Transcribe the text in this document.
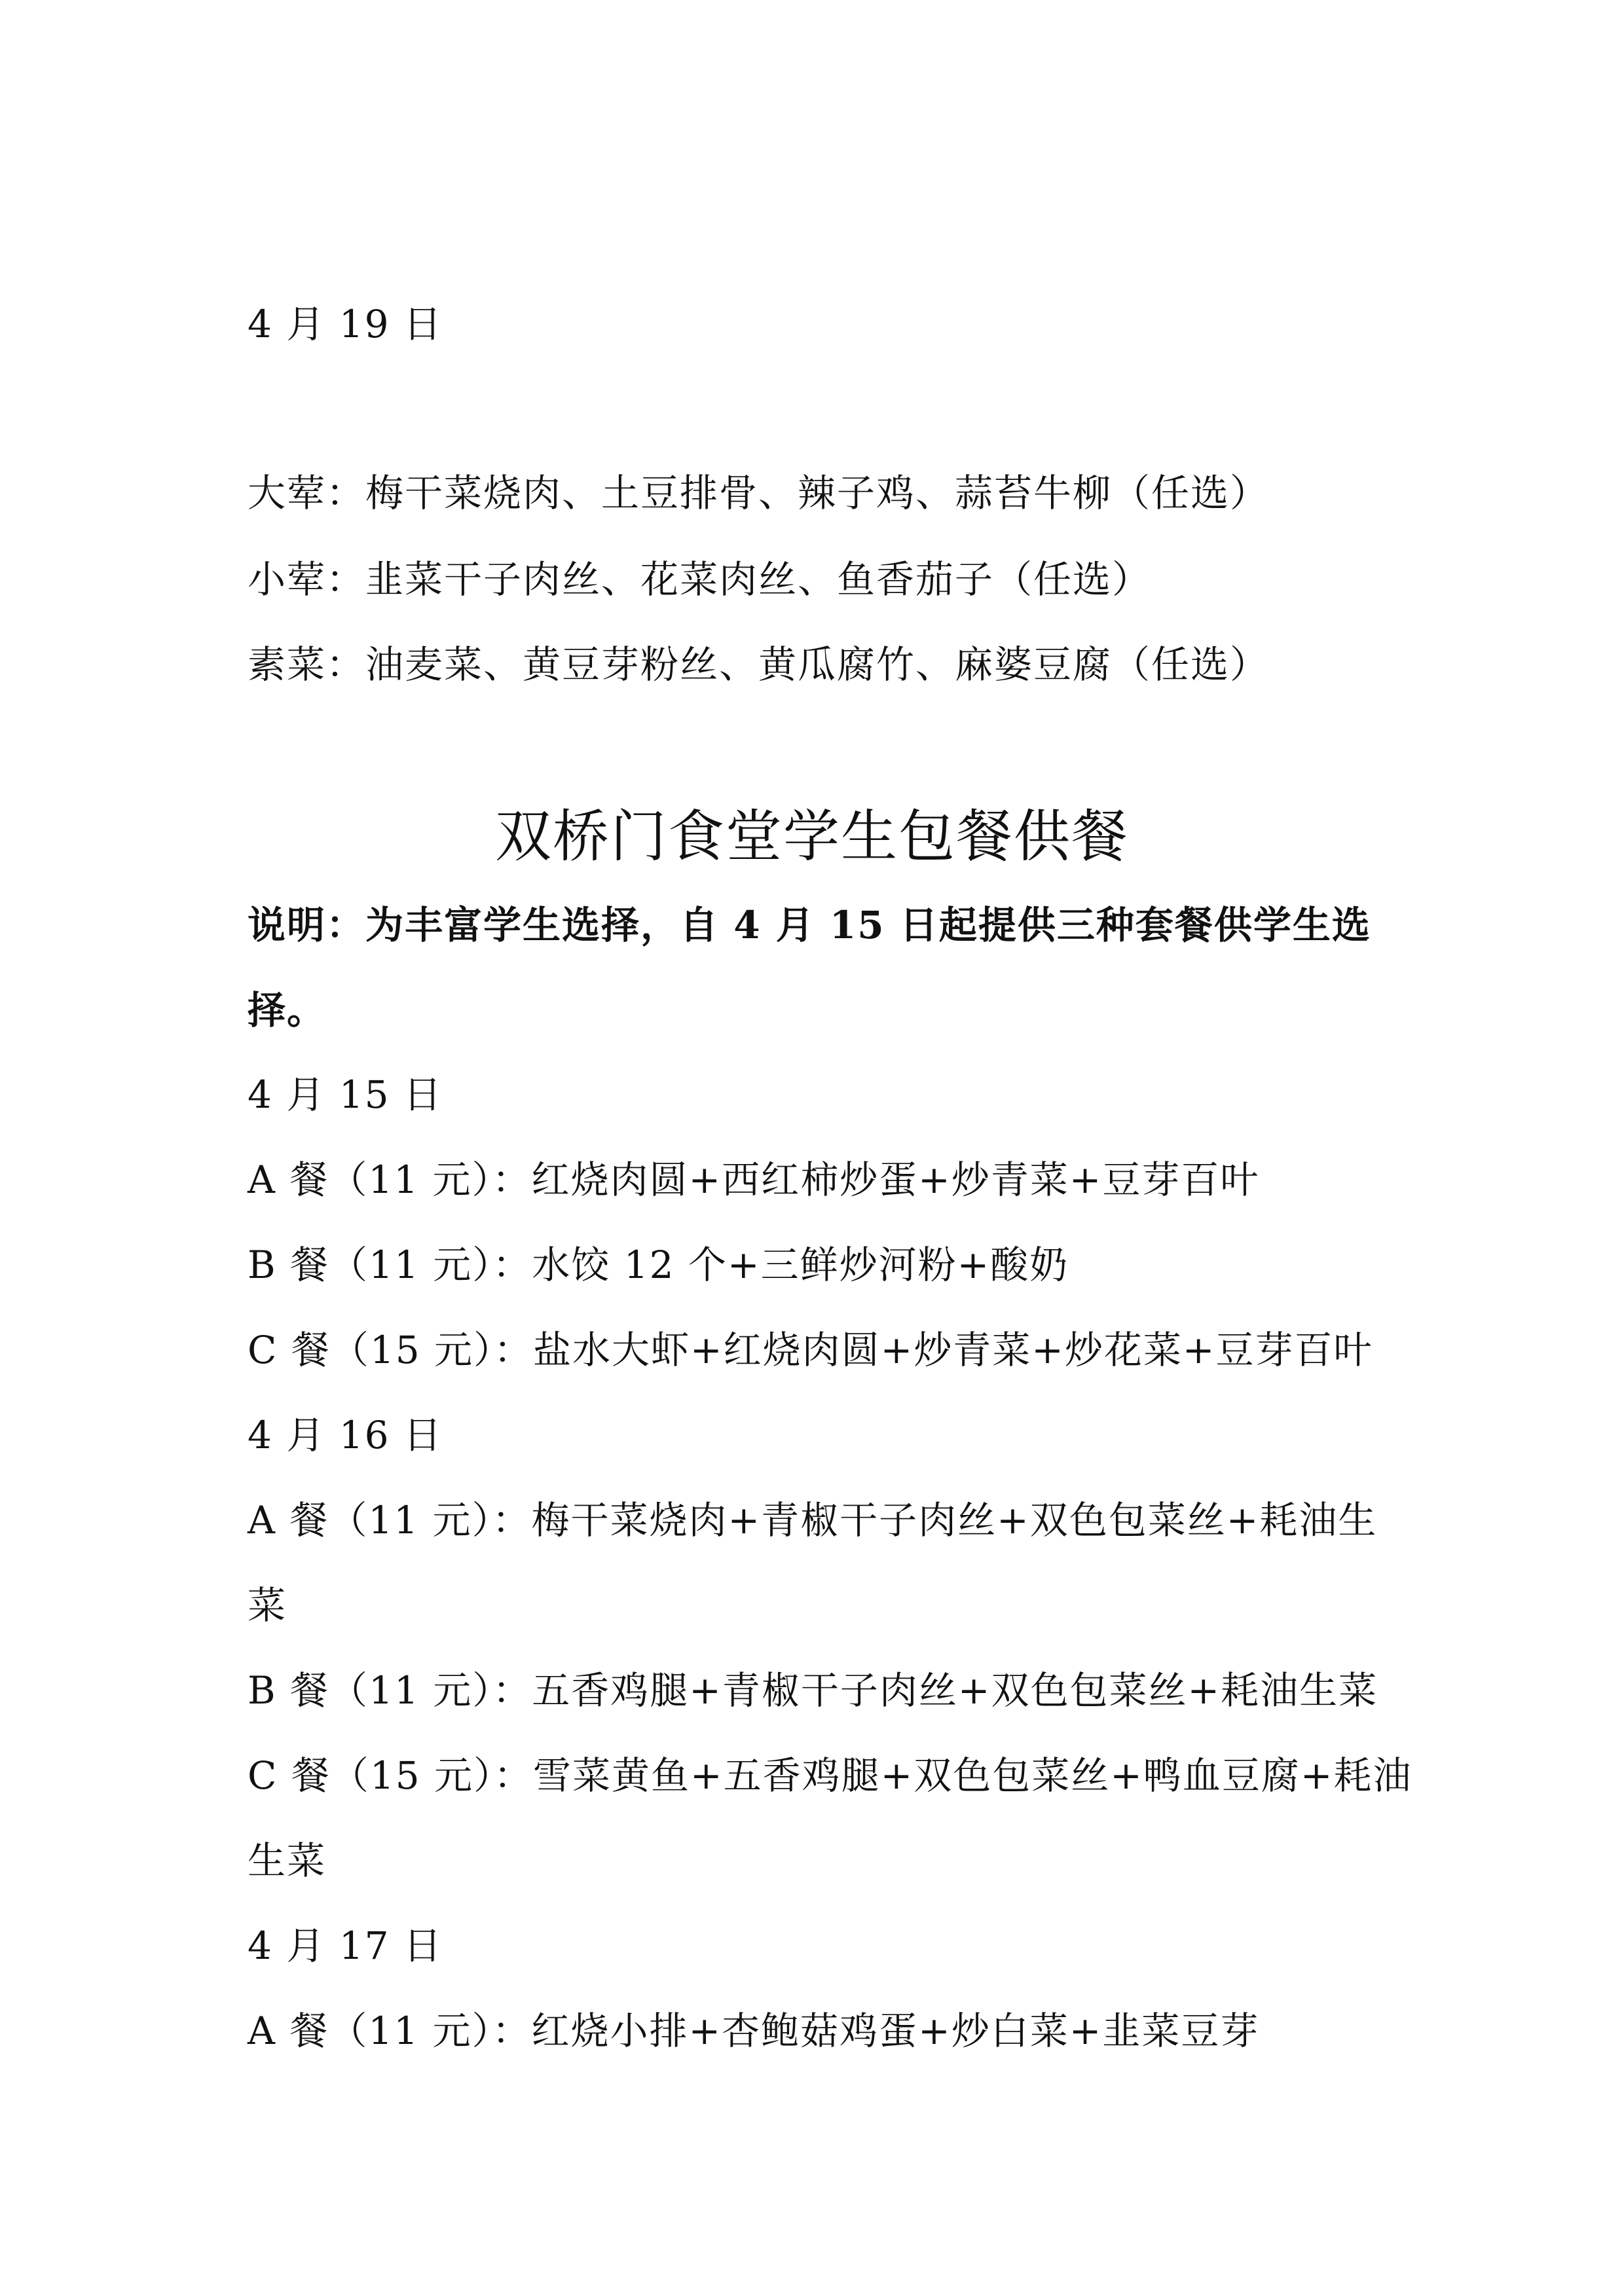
4 月 19 日
大荤：梅干菜烧肉、土豆排骨、辣子鸡、蒜苔牛柳（任选）
小荤：韭菜干子肉丝、花菜肉丝、鱼香茄子（任选）
素菜：油麦菜、黄豆芽粉丝、黄瓜腐竹、麻婆豆腐（任选）
双桥门食堂学生包餐供餐
说明：为丰富学生选择，自 4 月 15 日起提供三种套餐供学生选
择。
4 月 15 日
A 餐（11 元）：红烧肉圆+西红柿炒蛋+炒青菜+豆芽百叶
B 餐（11 元）：水饺 12 个+三鲜炒河粉+酸奶
C 餐（15 元）：盐水大虾+红烧肉圆+炒青菜+炒花菜+豆芽百叶
4 月 16 日
A 餐（11 元）：梅干菜烧肉+青椒干子肉丝+双色包菜丝+耗油生
菜
B 餐（11 元）：五香鸡腿+青椒干子肉丝+双色包菜丝+耗油生菜
C 餐（15 元）：雪菜黄鱼+五香鸡腿+双色包菜丝+鸭血豆腐+耗油
生菜
4 月 17 日
A 餐（11 元）：红烧小排+杏鲍菇鸡蛋+炒白菜+韭菜豆芽
